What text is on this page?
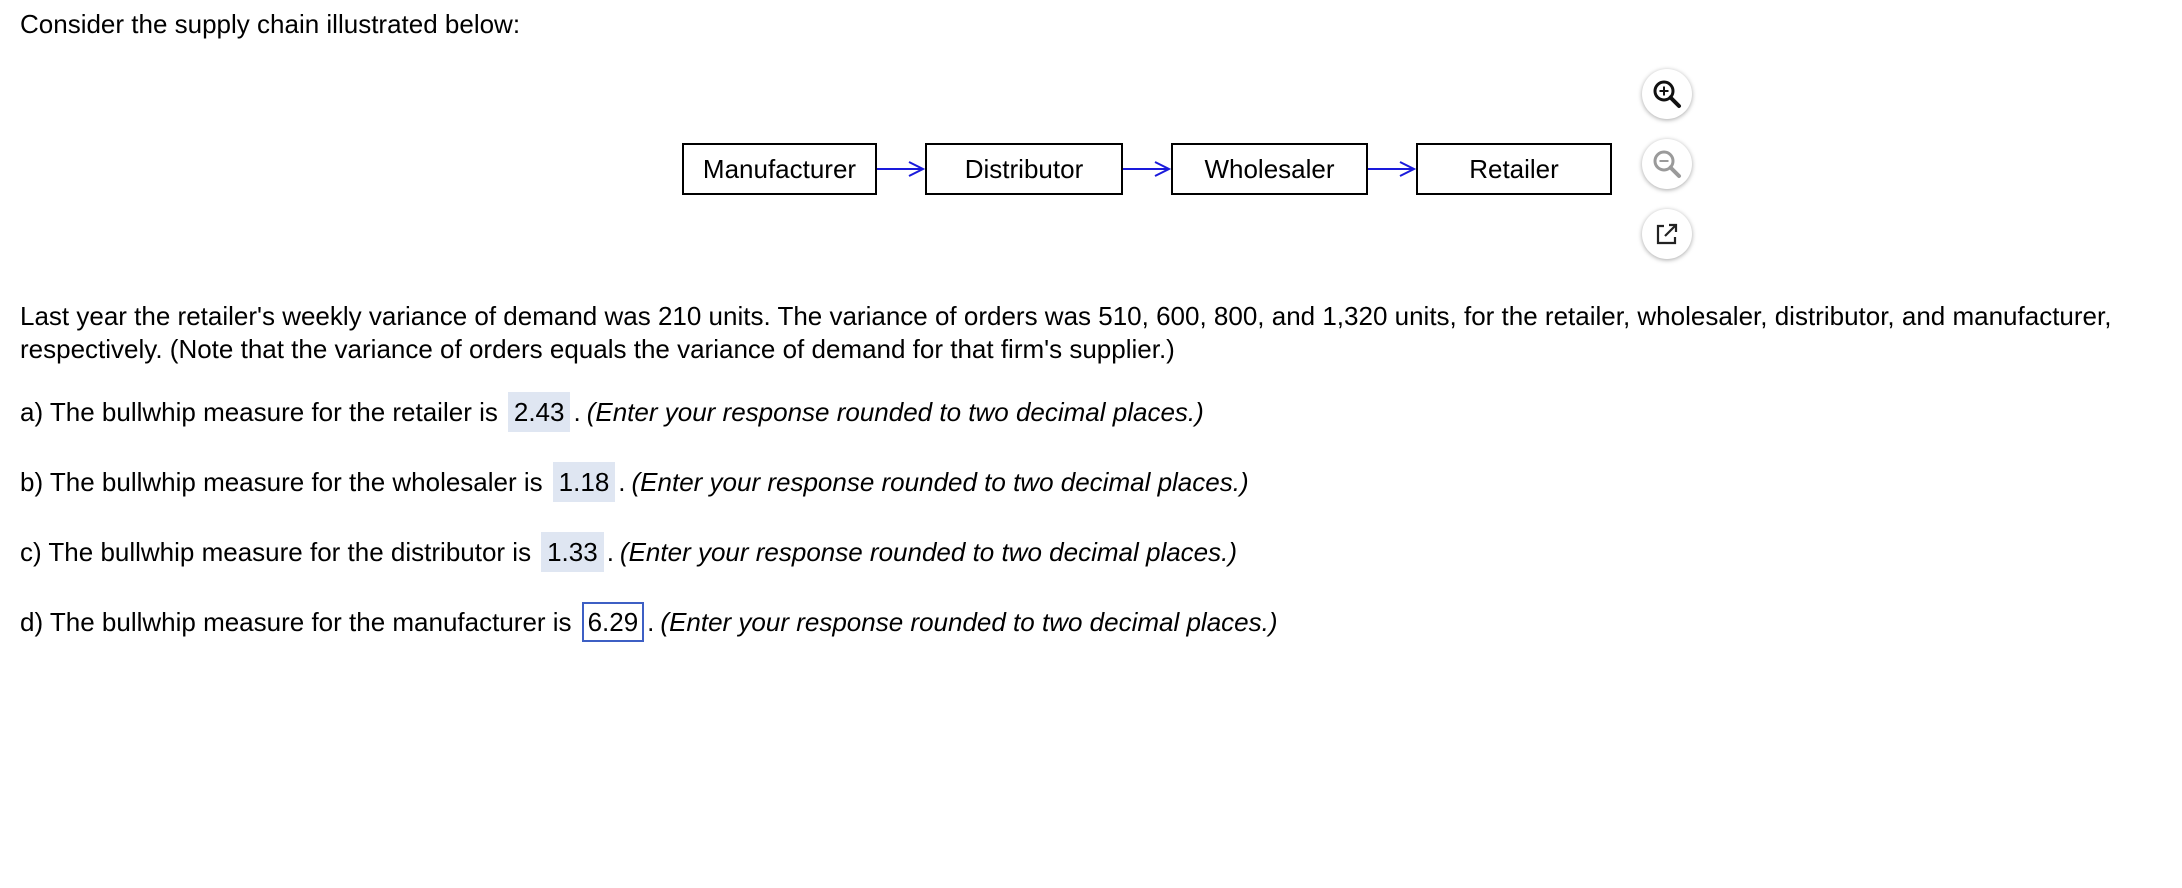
Consider the supply chain illustrated below:
Manufacturer	Distributor	Wholesaler	Retailer
Last year the retailer's weekly variance of demand was 210 units. The variance of orders was 510, 600, 800, and 1,320 units, for the retailer, wholesaler, distributor, and manufacturer, respectively. (Note that the variance of orders equals the variance of demand for that firm's supplier.)
a) The bullwhip measure for the retailer is 2.43 . (Enter your response rounded to two decimal places.)
b) The bullwhip measure for the wholesaler is 1.18 . (Enter your response rounded to two decimal places.)
c) The bullwhip measure for the distributor is 1.33 . (Enter your response rounded to two decimal places.)
d) The bullwhip measure for the manufacturer is 6.29 . (Enter your response rounded to two decimal places.)
